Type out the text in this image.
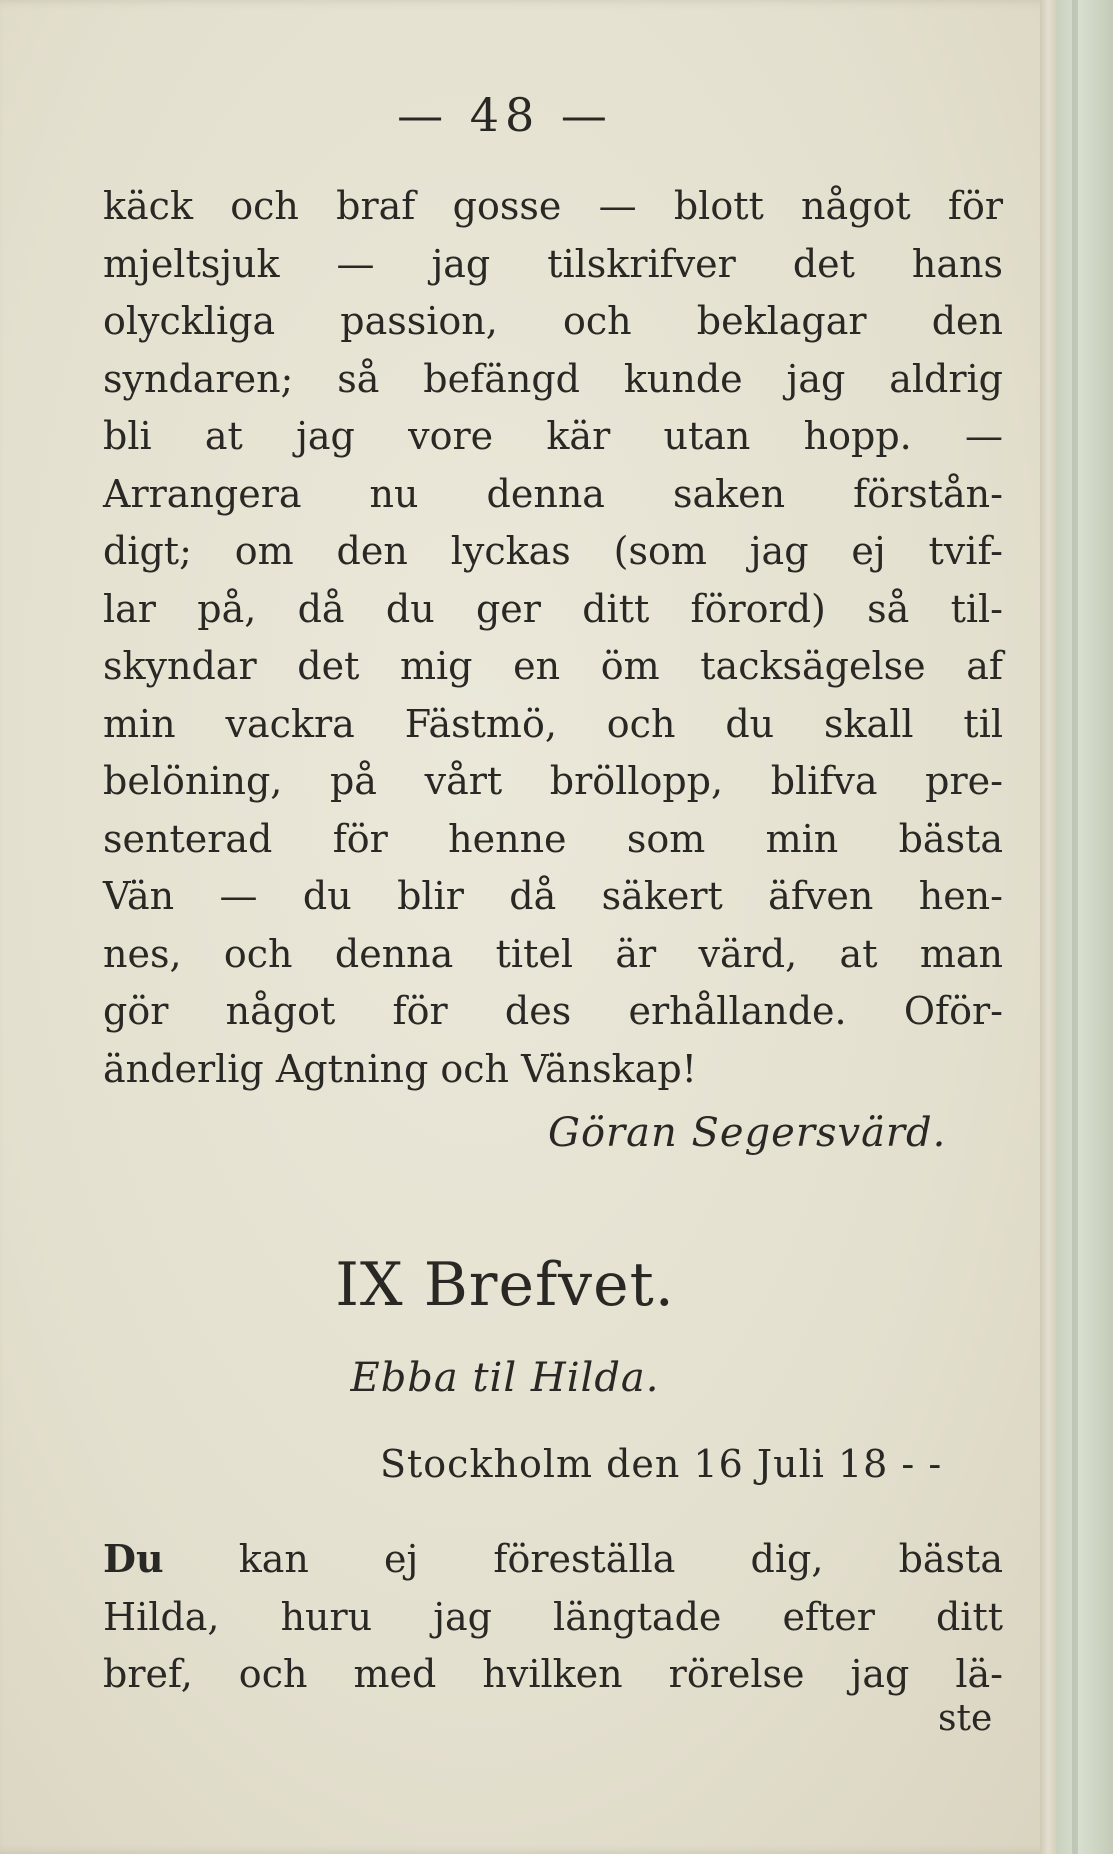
— 48 —
käck och braf gosse — blott något för
mjeltsjuk — jag tilskrifver det hans
olyckliga passion, och beklagar den
syndaren; så befängd kunde jag aldrig
bli at jag vore kär utan hopp. —
Arrangera nu denna saken förstån-
digt; om den lyckas (som jag ej tvif-
lar på, då du ger ditt förord) så til-
skyndar det mig en öm tacksägelse af
min vackra Fästmö, och du skall til
belöning, på vårt bröllopp, blifva pre-
senterad för henne som min bästa
Vän — du blir då säkert äfven hen-
nes, och denna titel är värd, at man
gör något för des erhållande. Oför-
änderlig Agtning och Vänskap!
Göran Segersvärd.
IX Brefvet.
Ebba til Hilda.
Stockholm den 16 Juli 18 - -
Du kan ej föreställa dig, bästa
Hilda, huru jag längtade efter ditt
bref, och med hvilken rörelse jag lä-
ste
